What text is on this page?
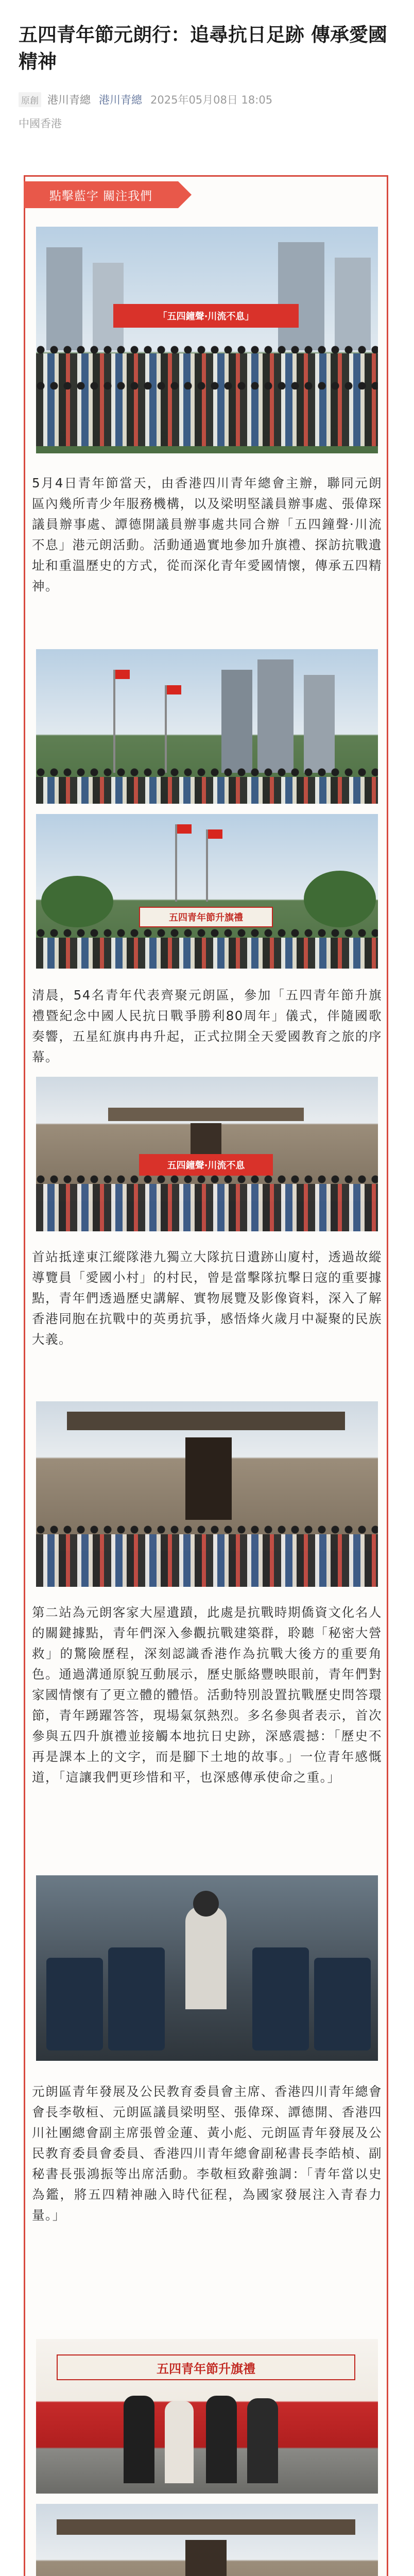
五四青年節元朗行：追尋抗日足跡 傳承愛國精神
原創 港川青總 港川青總 2025年05月08日 18:05
中國香港
點擊藍字 關注我們
「五四鐘聲·川流不息」
5月4日青年節當天，由香港四川青年總會主辦，聯同元朗區內幾所青少年服務機構，以及梁明堅議員辦事處、張偉琛議員辦事處、譚德開議員辦事處共同合辦「五四鐘聲·川流不息」港元朗活動。活動通過實地參加升旗禮、探訪抗戰遺址和重溫歷史的方式，從而深化青年愛國情懷，傳承五四精神。
五四青年節升旗禮
清晨，54名青年代表齊聚元朗區，參加「五四青年節升旗禮暨紀念中國人民抗日戰爭勝利80周年」儀式，伴隨國歌奏響，五星紅旗冉冉升起，正式拉開全天愛國教育之旅的序幕。
五四鐘聲·川流不息
首站抵達東江縱隊港九獨立大隊抗日遺跡山廈村，透過故縱導覽員「愛國小村」的村民，曾是當擊隊抗擊日寇的重要據點，青年們透過歷史講解、實物展覽及影像資料，深入了解香港同胞在抗戰中的英勇抗爭，感悟烽火歲月中凝聚的民族大義。
第二站為元朗客家大屋遺蹟，此處是抗戰時期僑資文化名人的關鍵據點，青年們深入參觀抗戰建築群，聆聽「秘密大營救」的驚險歷程，深刻認識香港作為抗戰大後方的重要角色。通過溝通原貌互動展示，歷史脈絡豐映眼前，青年們對家國情懷有了更立體的體悟。活動特別設置抗戰歷史問答環節，青年踴躍答答，現場氣氛熱烈。多名參與者表示，首次參與五四升旗禮並接觸本地抗日史跡，深感震撼：「歷史不再是課本上的文字，而是腳下土地的故事。」一位青年感慨道，「這讓我們更珍惜和平，也深感傳承使命之重。」
元朗區青年發展及公民教育委員會主席、香港四川青年總會會長李敬桓、元朗區議員梁明堅、張偉琛、譚德開、香港四川社團總會副主席張曾金蓮、黃小彪、元朗區青年發展及公民教育委員會委員、香港四川青年總會副秘書長李皓楨、副秘書長張鴻振等出席活動。李敬桓致辭強調：「青年當以史為鑑，將五四精神融入時代征程，為國家發展注入青春力量。」
五四青年節升旗禮
